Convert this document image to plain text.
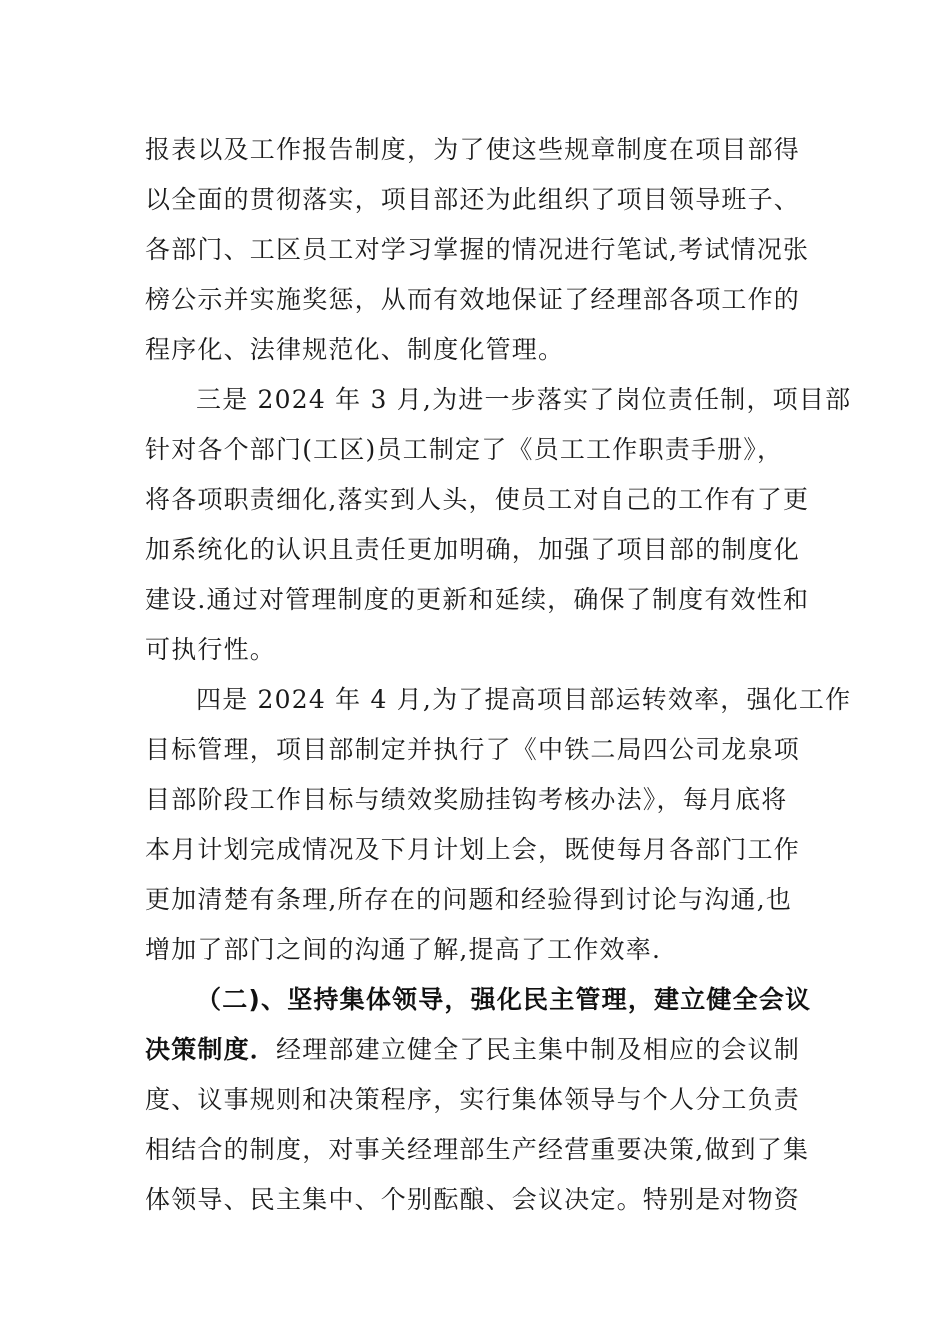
报表以及工作报告制度，为了使这些规章制度在项目部得
以全面的贯彻落实，项目部还为此组织了项目领导班子、
各部门、工区员工对学习掌握的情况进行笔试,考试情况张
榜公示并实施奖惩，从而有效地保证了经理部各项工作的
程序化、法律规范化、制度化管理。
三是 2024 年 3 月,为进一步落实了岗位责任制，项目部
针对各个部门(工区)员工制定了《员工工作职责手册》，
将各项职责细化,落实到人头，使员工对自己的工作有了更
加系统化的认识且责任更加明确，加强了项目部的制度化
建设.通过对管理制度的更新和延续，确保了制度有效性和
可执行性。
四是 2024 年 4 月,为了提高项目部运转效率，强化工作
目标管理，项目部制定并执行了《中铁二局四公司龙泉项
目部阶段工作目标与绩效奖励挂钩考核办法》，每月底将
本月计划完成情况及下月计划上会，既使每月各部门工作
更加清楚有条理,所存在的问题和经验得到讨论与沟通,也
增加了部门之间的沟通了解,提高了工作效率.
（二)、坚持集体领导，强化民主管理，建立健全会议
决策制度．经理部建立健全了民主集中制及相应的会议制
度、议事规则和决策程序，实行集体领导与个人分工负责
相结合的制度，对事关经理部生产经营重要决策,做到了集
体领导、民主集中、个别酝酿、会议决定。特别是对物资
